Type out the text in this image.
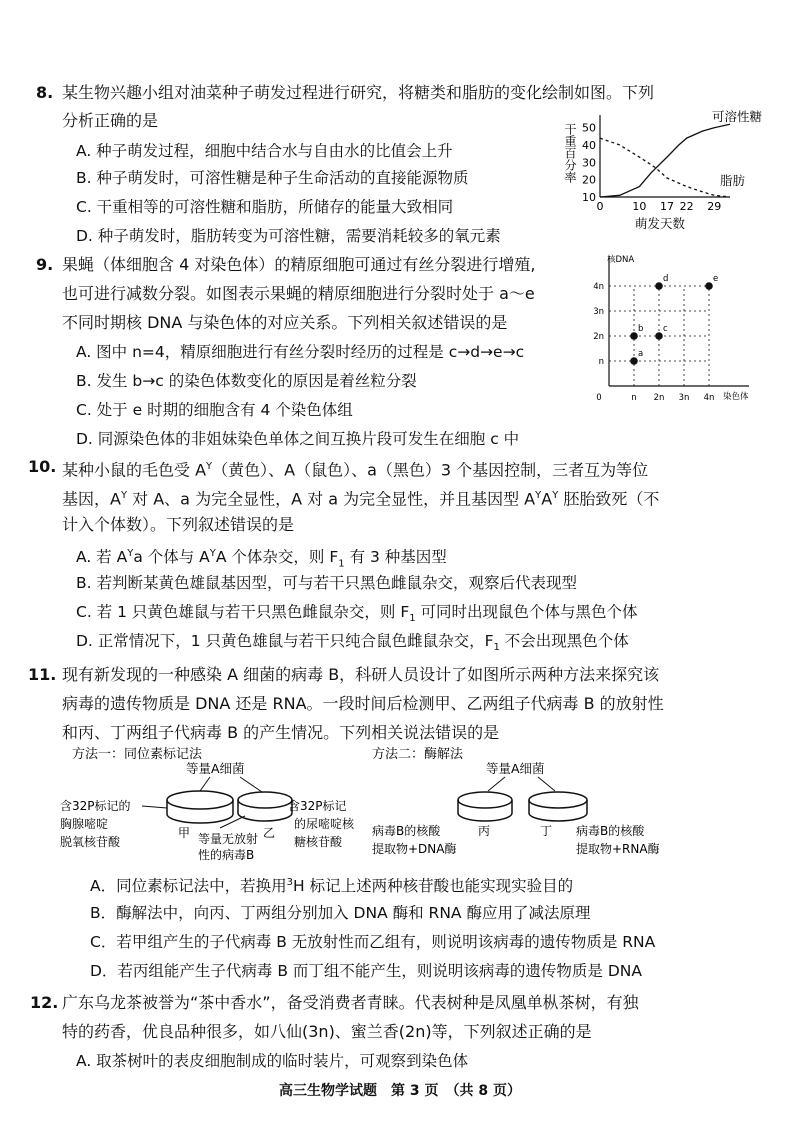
8. 某生物兴趣小组对油菜种子萌发过程进行研究，将糖类和脂肪的变化绘制如图。下列
分析正确的是
A. 种子萌发过程，细胞中结合水与自由水的比值会上升
B. 种子萌发时，可溶性糖是种子生命活动的直接能源物质
C. 干重相等的可溶性糖和脂肪，所储存的能量大致相同
D. 种子萌发时，脂肪转变为可溶性糖，需要消耗较多的氧元素
10
20
30
40
50
0	10 17 22 29
干重百分率
萌发天数
可溶性糖
脂肪
9. 果蝇（体细胞含 4 对染色体）的精原细胞可通过有丝分裂进行增殖,
也可进行减数分裂。如图表示果蝇的精原细胞进行分裂时处于 a～e
不同时期核 DNA 与染色体的对应关系。下列相关叙述错误的是
A. 图中 n=4，精原细胞进行有丝分裂时经历的过程是 c→d→e→c
B. 发生 b→c 的染色体数变化的原因是着丝粒分裂
C. 处于 e 时期的细胞含有 4 个染色体组
D. 同源染色体的非姐妹染色单体之间互换片段可发生在细胞 c 中
0	n 2n 3n 4n
n
2n
3n
4n
核DNA
染色体
a
b c
d	e
10. 某种小鼠的毛色受 $A^Y$（黄色）、A（鼠色）、a（黑色）3 个基因控制，三者互为等位
基因，$A^Y$ 对 A、a 为完全显性，A 对 a 为完全显性，并且基因型 $A^YA^Y$ 胚胎致死（不
计入个体数）。下列叙述错误的是
A. 若 $A^Ya$ 个体与 $A^YA$ 个体杂交，则 $F_1$ 有 3 种基因型
B. 若判断某黄色雄鼠基因型，可与若干只黑色雌鼠杂交，观察后代表现型
C. 若 1 只黄色雄鼠与若干只黑色雌鼠杂交，则 $F_1$ 可同时出现鼠色个体与黑色个体
D. 正常情况下，1 只黄色雄鼠与若干只纯合鼠色雌鼠杂交，$F_1$ 不会出现黑色个体
11. 现有新发现的一种感染 A 细菌的病毒 B，科研人员设计了如图所示两种方法来探究该
病毒的遗传物质是 DNA 还是 RNA。一段时间后检测甲、乙两组子代病毒 B 的放射性
和丙、丁两组子代病毒 B 的产生情况。下列相关说法错误的是
方法一：同位素标记法	方法二：酶解法
等量A细菌
含32P标记的
胸腺嘧啶
脱氧核苷酸
甲	乙
等量无放射
性的病毒B
含32P标记
的尿嘧啶核
糖核苷酸
等量A细菌
丙	丁
病毒B的核酸
提取物+DNA酶
病毒B的核酸
提取物+RNA酶
A．同位素标记法中，若换用$^3$H 标记上述两种核苷酸也能实现实验目的
B．酶解法中，向丙、丁两组分别加入 DNA 酶和 RNA 酶应用了减法原理
C．若甲组产生的子代病毒 B 无放射性而乙组有，则说明该病毒的遗传物质是 RNA
D．若丙组能产生子代病毒 B 而丁组不能产生，则说明该病毒的遗传物质是 DNA
12. 广东乌龙茶被誉为“茶中香水”，备受消费者青睐。代表树种是凤凰单枞茶树，有独
特的药香，优良品种很多，如八仙(3n)、蜜兰香(2n)等，下列叙述正确的是
A. 取茶树叶的表皮细胞制成的临时装片，可观察到染色体
高三生物学试题　第 3 页　（共 8 页）
